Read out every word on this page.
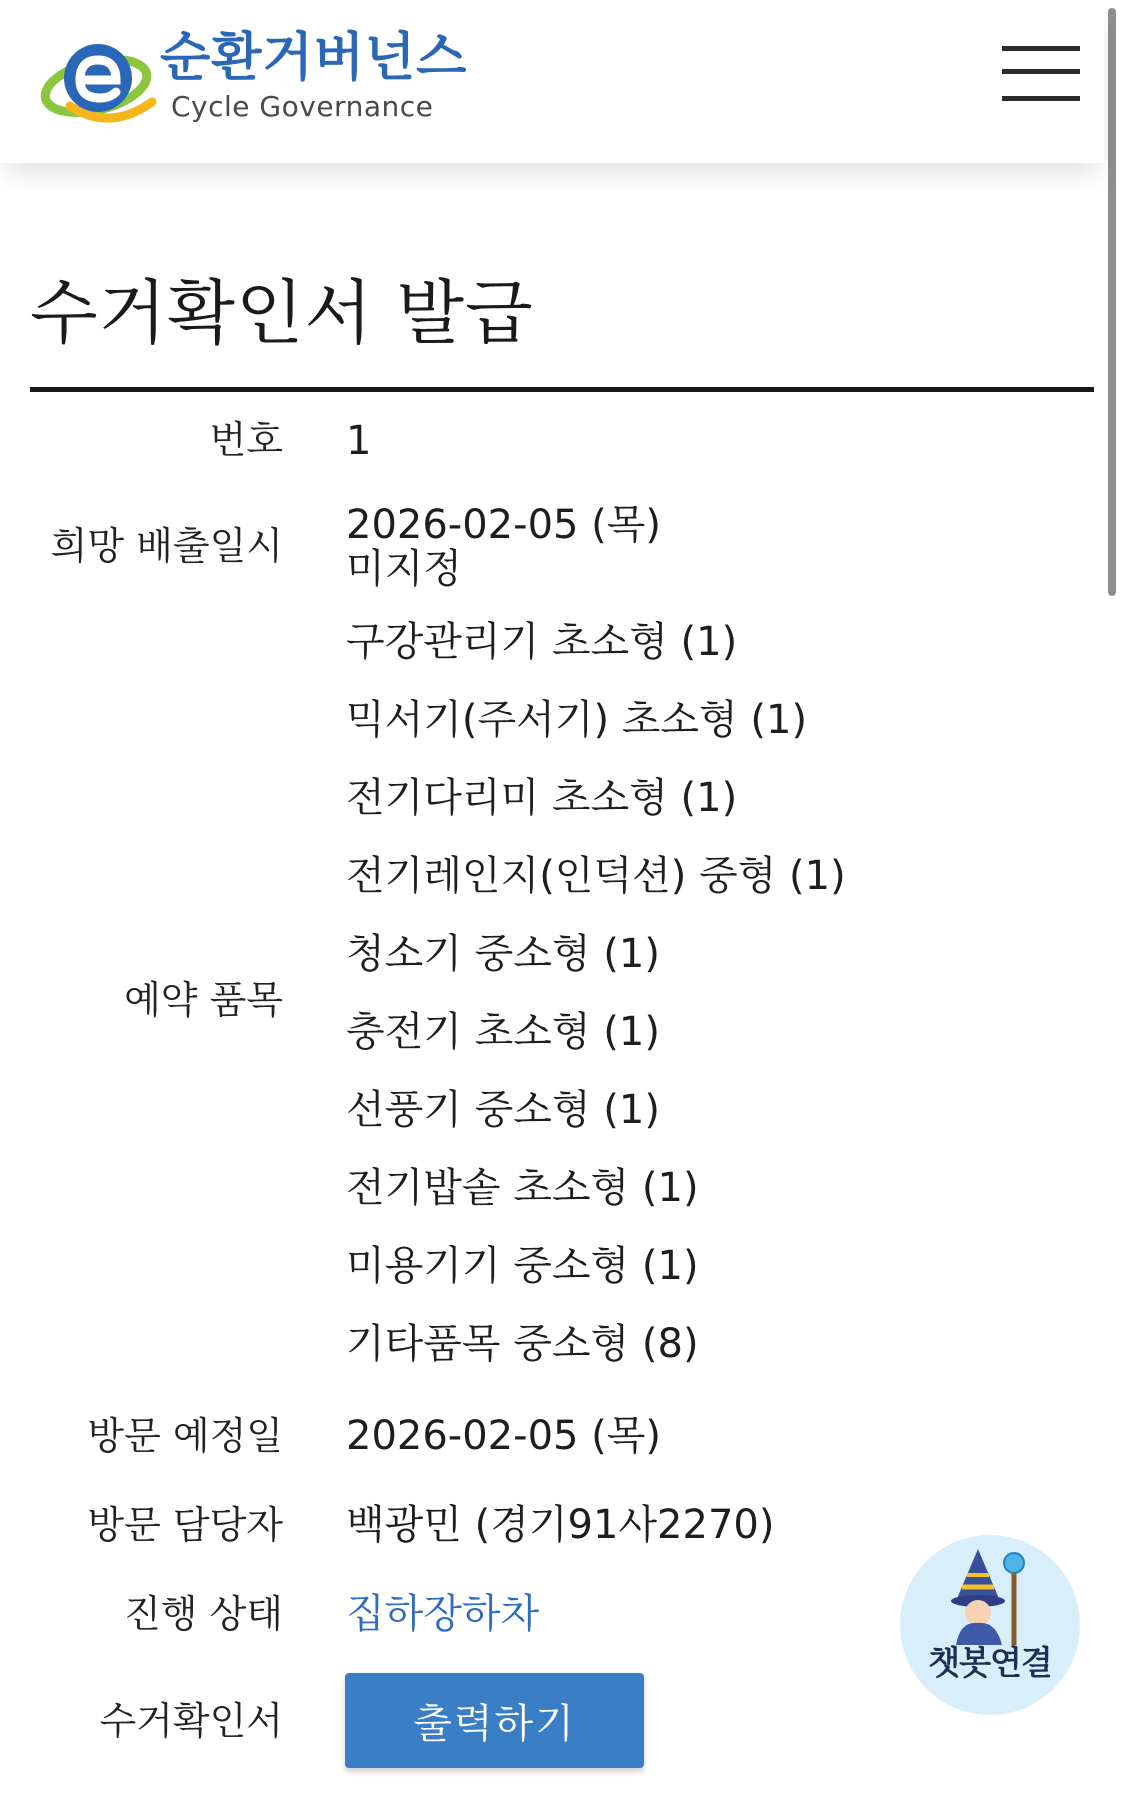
순환거버넌스
Cycle Governance
수거확인서 발급
번호 1
희망 배출일시 2026-02-05 (목)
미지정
예약 품목
구강관리기 초소형 (1)
믹서기(주서기) 초소형 (1)
전기다리미 초소형 (1)
전기레인지(인덕션) 중형 (1)
청소기 중소형 (1)
충전기 초소형 (1)
선풍기 중소형 (1)
전기밥솥 초소형 (1)
미용기기 중소형 (1)
기타품목 중소형 (8)
방문 예정일 2026-02-05 (목)
방문 담당자 백광민 (경기91사2270)
진행 상태 집하장하차
수거확인서	출력하기
챗봇연결
